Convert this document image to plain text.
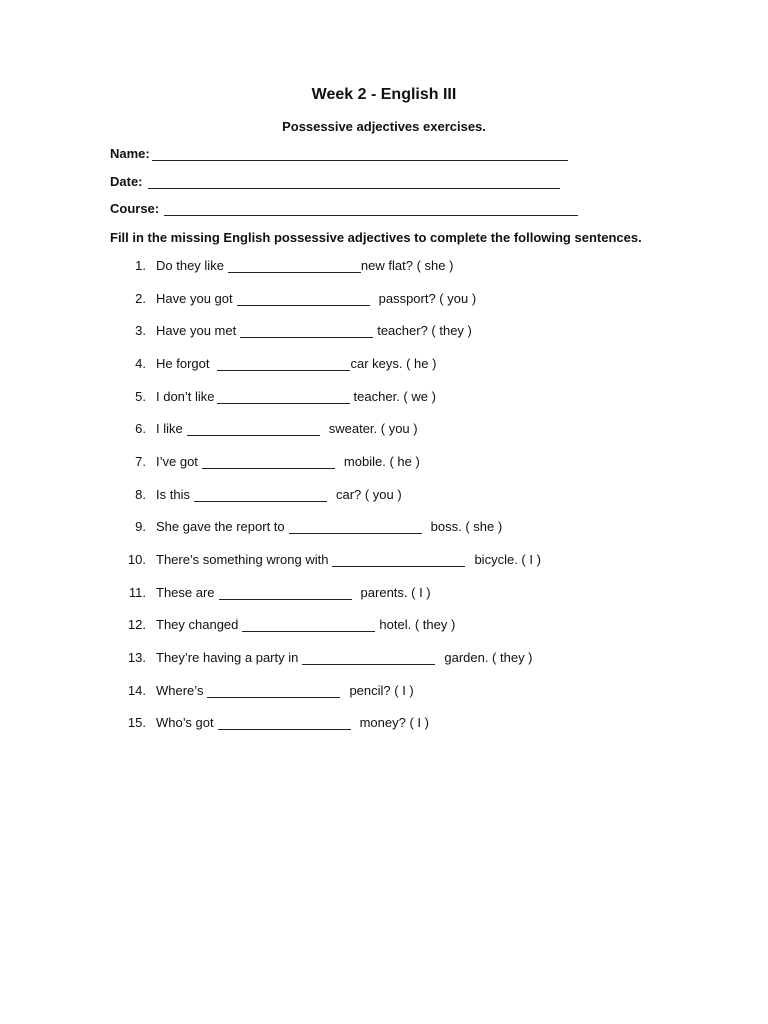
Week 2 - English III
Possessive adjectives exercises.
Name:
Date:
Course:
Fill in the missing English possessive adjectives to complete the following sentences.
1. Do they like	new flat? ( she )
2. Have you got	passport? ( you )
3. Have you met	teacher? ( they )
4. He forgot	car keys. ( he )
5. I don’t like	teacher. ( we )
6. I like	sweater. ( you )
7. I’ve got	mobile. ( he )
8. Is this	car? ( you )
9. She gave the report to	boss. ( she )
10. There’s something wrong with	bicycle. ( I )
11. These are	parents. ( I )
12. They changed	hotel. ( they )
13. They’re having a party in	garden. ( they )
14. Where’s	pencil? ( I )
15. Who’s got	money? ( I )
